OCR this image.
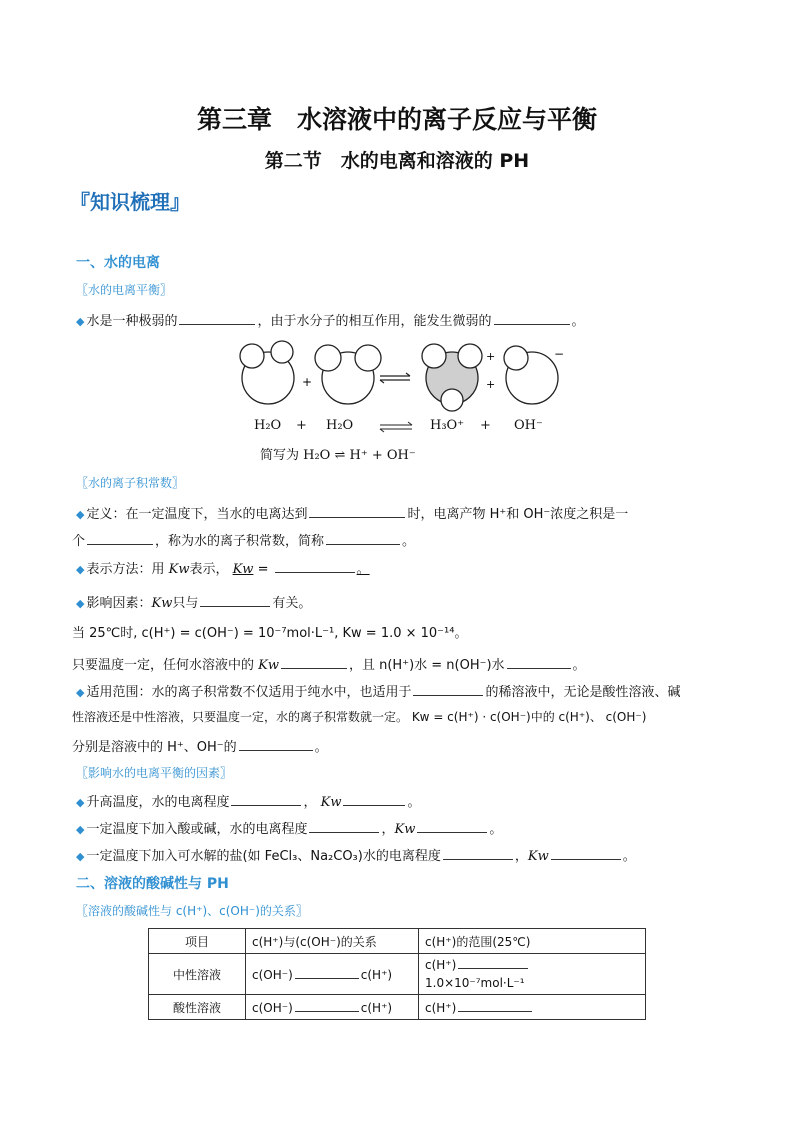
第三章　水溶液中的离子反应与平衡
第二节　水的电离和溶液的 PH
『知识梳理』
一、水的电离
〖水的电离平衡〗
◆ 水是一种极弱的	，由于水分子的相互作用，能发生微弱的	。
+
+
+
−
H₂O + H₂O	H₃O⁺ + OH⁻
简写为 H₂O ⇌ H⁺ + OH⁻
〖水的离子积常数〗
◆ 定义：在一定温度下，当水的电离达到	时，电离产物 H⁺和 OH⁻浓度之积是一
个	，称为水的离子积常数，简称	。
◆ 表示方法：用 Kw表示， Kw =	。
◆ 影响因素：Kw只与	有关。
当 25℃时, c(H⁺) = c(OH⁻) = 10⁻⁷mol·L⁻¹, Kw = 1.0 × 10⁻¹⁴。
只要温度一定，任何水溶液中的 Kw	，且 n(H⁺)水 = n(OH⁻)水	。
◆ 适用范围：水的离子积常数不仅适用于纯水中，也适用于	的稀溶液中，无论是酸性溶液、碱
性溶液还是中性溶液，只要温度一定，水的离子积常数就一定。 Kw = c(H⁺) · c(OH⁻)中的 c(H⁺)、 c(OH⁻)
分别是溶液中的 H⁺、OH⁻的	。
〖影响水的电离平衡的因素〗
◆ 升高温度，水的电离程度	， Kw	。
◆ 一定温度下加入酸或碱，水的电离程度	，Kw	。
◆ 一定温度下加入可水解的盐(如 FeCl₃、Na₂CO₃)水的电离程度	，Kw	。
二、溶液的酸碱性与 PH
〖溶液的酸碱性与 c(H⁺)、c(OH⁻)的关系〗
项目	c(H⁺)与(c(OH⁻)的关系	c(H⁺)的范围(25℃)
中性溶液	c(OH⁻) c(H⁺)	c(H⁺)
1.0×10⁻⁷mol·L⁻¹
酸性溶液	c(OH⁻) c(H⁺)	c(H⁺)
